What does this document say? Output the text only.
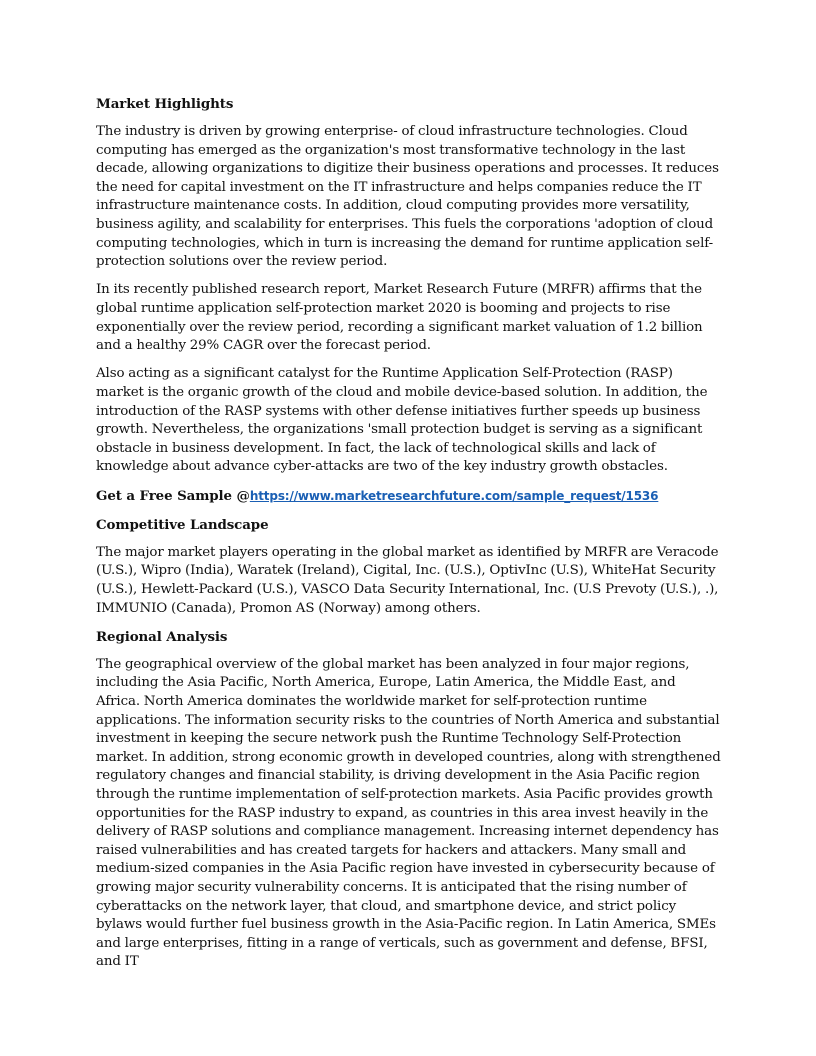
Market Highlights

The industry is driven by growing enterprise- of cloud infrastructure technologies. Cloud computing has emerged as the organization's most transformative technology in the last decade, allowing organizations to digitize their business operations and processes. It reduces the need for capital investment on the IT infrastructure and helps companies reduce the IT infrastructure maintenance costs. In addition, cloud computing provides more versatility, business agility, and scalability for enterprises. This fuels the corporations 'adoption of cloud computing technologies, which in turn is increasing the demand for runtime application self-protection solutions over the review period.

In its recently published research report, Market Research Future (MRFR) affirms that the global runtime application self-protection market 2020 is booming and projects to rise exponentially over the review period, recording a significant market valuation of 1.2 billion and a healthy 29% CAGR over the forecast period.

Also acting as a significant catalyst for the Runtime Application Self-Protection (RASP) market is the organic growth of the cloud and mobile device-based solution. In addition, the introduction of the RASP systems with other defense initiatives further speeds up business growth. Nevertheless, the organizations 'small protection budget is serving as a significant obstacle in business development. In fact, the lack of technological skills and lack of knowledge about advance cyber-attacks are two of the key industry growth obstacles.

Get a Free Sample @https://www.marketresearchfuture.com/sample_request/1536
Competitive Landscape

The major market players operating in the global market as identified by MRFR are Veracode (U.S.), Wipro (India), Waratek (Ireland), Cigital, Inc. (U.S.), OptivInc (U.S), WhiteHat Security (U.S.), Hewlett-Packard (U.S.), VASCO Data Security International, Inc. (U.S Prevoty (U.S.), .), IMMUNIO (Canada), Promon AS (Norway) among others.

Regional Analysis

The geographical overview of the global market has been analyzed in four major regions, including the Asia Pacific, North America, Europe, Latin America, the Middle East, and Africa. North America dominates the worldwide market for self-protection runtime applications. The information security risks to the countries of North America and substantial investment in keeping the secure network push the Runtime Technology Self-Protection market. In addition, strong economic growth in developed countries, along with strengthened regulatory changes and financial stability, is driving development in the Asia Pacific region through the runtime implementation of self-protection markets. Asia Pacific provides growth opportunities for the RASP industry to expand, as countries in this area invest heavily in the delivery of RASP solutions and compliance management. Increasing internet dependency has raised vulnerabilities and has created targets for hackers and attackers. Many small and medium-sized companies in the Asia Pacific region have invested in cybersecurity because of growing major security vulnerability concerns. It is anticipated that the rising number of cyberattacks on the network layer, that cloud, and smartphone device, and strict policy bylaws would further fuel business growth in the Asia-Pacific region. In Latin America, SMEs and large enterprises, fitting in a range of verticals, such as government and defense, BFSI, and IT
